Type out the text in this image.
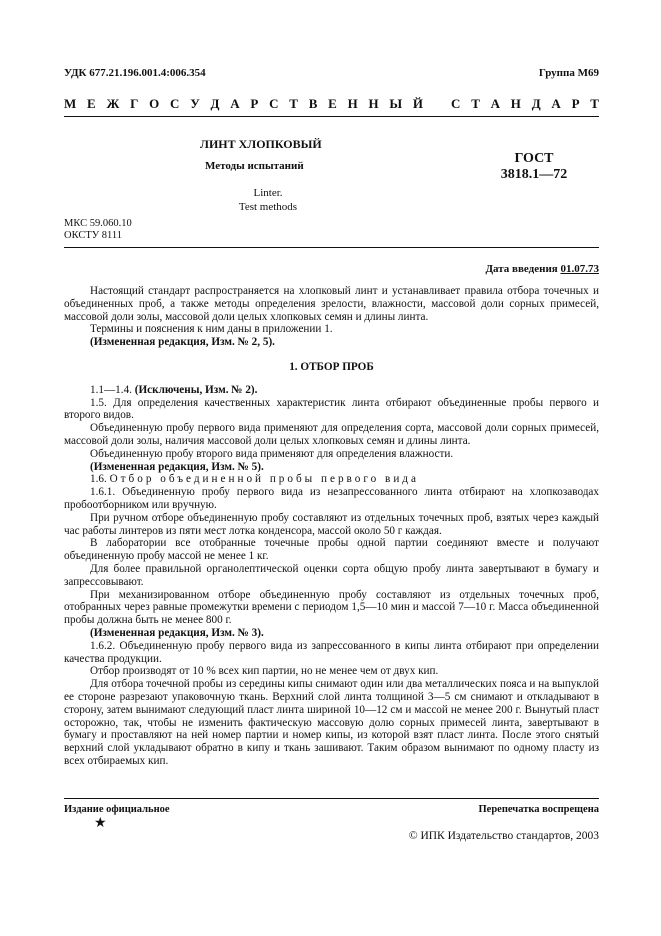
УДК 677.21.196.001.4:006.354	Группа М69
М Е Ж Г О С У Д А Р С Т В Е Н Н Ы Й
С Т А Н Д А Р Т
ЛИНТ ХЛОПКОВЫЙ
Методы испытаний
Linter.
Test methods
ГОСТ
3818.1—72
МКС 59.060.10
ОКСТУ 8111
Дата введения 01.07.73

Настоящий стандарт распространяется на хлопковый линт и устанавливает правила отбора точечных и объединенных проб, а также методы определения зрелости, влажности, массовой доли сорных примесей, массовой доли золы, массовой доли целых хлопковых семян и длины линта.

Термины и пояснения к ним даны в приложении 1.

(Измененная редакция, Изм. № 2, 5).

1. ОТБОР ПРОБ

1.1—1.4. (Исключены, Изм. № 2).

1.5. Для определения качественных характеристик линта отбирают объединенные пробы первого и второго видов.

Объединенную пробу первого вида применяют для определения сорта, массовой доли сорных примесей, массовой доли золы, наличия массовой доли целых хлопковых семян и длины линта.

Объединенную пробу второго вида применяют для определения влажности.

(Измененная редакция, Изм. № 5).

1.6. Отбор объединенной пробы первого вида

1.6.1. Объединенную пробу первого вида из незапрессованного линта отбирают на хлопкозаводах пробоотборником или вручную.

При ручном отборе объединенную пробу составляют из отдельных точечных проб, взятых через каждый час работы линтеров из пяти мест лотка конденсора, массой около 50 г каждая.

В лаборатории все отобранные точечные пробы одной партии соединяют вместе и получают объединенную пробу массой не менее 1 кг.

Для более правильной органолептической оценки сорта общую пробу линта завертывают в бумагу и запрессовывают.

При механизированном отборе объединенную пробу составляют из отдельных точечных проб, отобранных через равные промежутки времени с периодом 1,5—10 мин и массой 7—10 г. Масса объединенной пробы должна быть не менее 800 г.

(Измененная редакция, Изм. № 3).

1.6.2. Объединенную пробу первого вида из запрессованного в кипы линта отбирают при определении качества продукции.

Отбор производят от 10 % всех кип партии, но не менее чем от двух кип.

Для отбора точечной пробы из середины кипы снимают один или два металлических пояса и на выпуклой ее стороне разрезают упаковочную ткань. Верхний слой линта толщиной 3—5 см снимают и откладывают в сторону, затем вынимают следующий пласт линта шириной 10—12 см и массой не менее 200 г. Вынутый пласт осторожно, так, чтобы не изменить фактическую массовую долю сорных примесей линта, завертывают в бумагу и проставляют на ней номер партии и номер кипы, из которой взят пласт линта. После этого снятый верхний слой укладывают обратно в кипу и ткань зашивают. Таким образом вынимают по одному пласту из всех отбираемых кип.

Издание официальное	Перепечатка воспрещена
★
© ИПК Издательство стандартов, 2003
